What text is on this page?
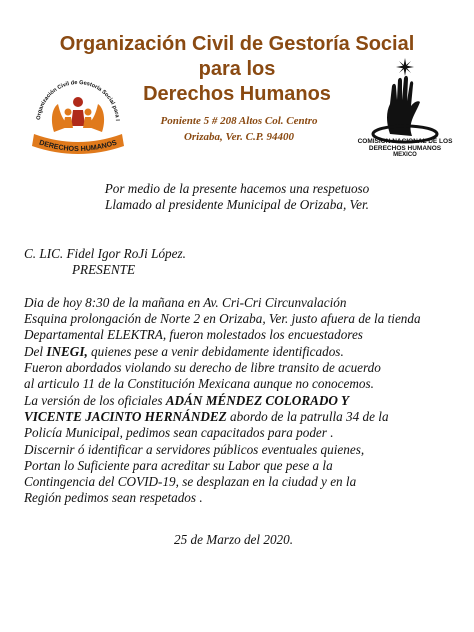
Organización Civil de Gestoría Social
para los
Derechos Humanos
Poniente 5 # 208 Altos Col. Centro
Orizaba, Ver. C.P. 94400
Organización Civil de Gestoría Social para l
DERECHOS HUMANOS	COMISION NACIONAL DE LOS
DERECHOS HUMANOS
MEXICO
Por medio de la presente hacemos una respetuoso
Llamado al presidente Municipal de Orizaba, Ver.
C. LIC. Fidel Igor RoJi López.
PRESENTE
Dia de hoy 8:30 de la mañana en Av. Cri-Cri Circunvalación
Esquina prolongación de Norte 2 en Orizaba, Ver. justo afuera de la tienda
Departamental ELEKTRA, fueron molestados los encuestadores
Del INEGI, quienes pese a venir debidamente identificados.
Fueron abordados violando su derecho de libre transito de acuerdo
al articulo 11 de la Constitución Mexicana aunque no conocemos.
La versión de los oficiales ADÁN MÉNDEZ COLORADO Y
VICENTE JACINTO HERNÁNDEZ abordo de la patrulla 34 de la
Policía Municipal, pedimos sean capacitados para poder .
Discernir ó identificar a servidores públicos eventuales quienes,
Portan lo Suficiente para acreditar su Labor que pese a la
Contingencia del COVID-19, se desplazan en la ciudad y en la
Región pedimos sean respetados .
25 de Marzo del 2020.
